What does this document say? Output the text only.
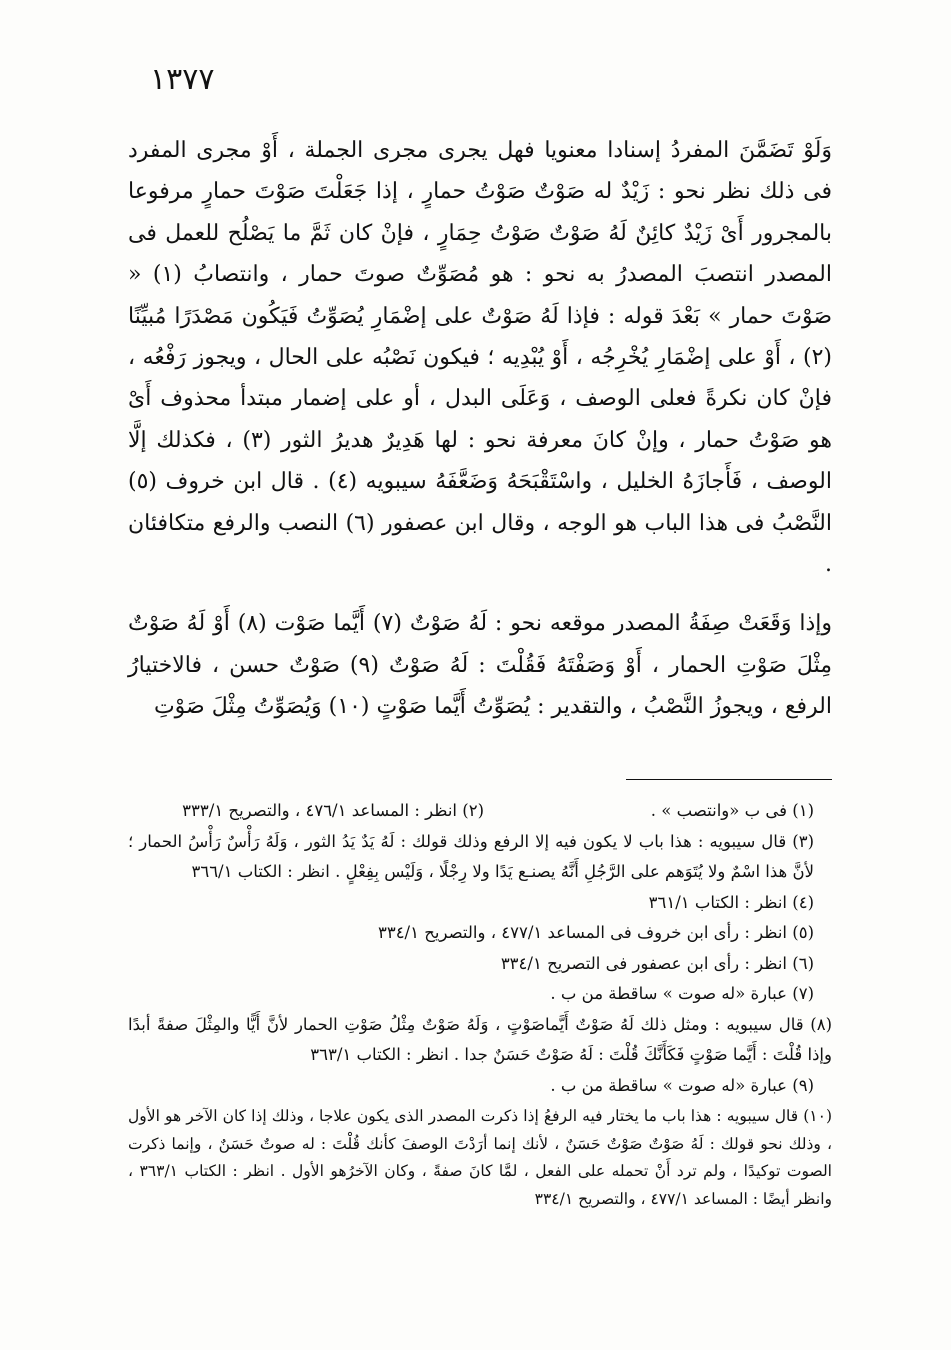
١٣٧٧

وَلَوْ تَضَمَّنَ المفردُ إسنادا معنويا فهل يجرى مجرى الجملة ، أَوْ مجرى المفرد فى ذلك نظر نحو : زَيْدٌ له صَوْتٌ صَوْتُ حمارٍ ، إذا جَعَلْتَ صَوْتَ حمارٍ مرفوعا بالمجرور أَىْ زَيْدٌ كائِنٌ لَهُ صَوْتٌ صَوْتُ حِمَارٍ ، فإنْ كان ثَمَّ ما يَصْلُح للعمل فى المصدر انتصبَ المصدرُ به نحو : هو مُصَوِّتٌ صوتَ حمار ، وانتصابُ (١) « صَوْتَ حمار » بَعْدَ قوله : فإذا لَهُ صَوْتٌ على إضْمَارِ يُصَوِّتُ فَيَكُون مَصْدَرًا مُبيِّنًا (٢) ، أَوْ على إضْمَارِ يُخْرِجُه ، أَوْ يُبْدِيه ؛ فيكون نَصْبُه على الحال ، ويجوز رَفْعُه ، فإنْ كان نكرةً فعلى الوصف ، وَعَلَى البدل ، أو على إضمار مبتدأ محذوف أَىْ هو صَوْتُ حمار ، وإنْ كانَ معرفة نحو : لها هَدِيرٌ هديرُ الثور (٣) ، فكذلك إلَّا الوصف ، فَأَجازَهُ الخليل ، واسْتَقْبَحَهُ وَضَعَّفَهُ سيبويه (٤) . قال ابن خروف (٥) النَّصْبُ فى هذا الباب هو الوجه ، وقال ابن عصفور (٦) النصب والرفع متكافئان .

وإذا وَقَعَتْ صِفَةُ المصدر موقعه نحو : لَهُ صَوْتٌ (٧) أَيَّما صَوْت (٨) أَوْ لَهُ صَوْتٌ مِثْلَ صَوْتِ الحمار ، أَوْ وَصَفْتَهُ فَقُلْتَ : لَهُ صَوْتٌ (٩) صَوْتٌ حسن ، فالاختيارُ الرفع ، ويجوزُ النَّصْبُ ، والتقدير : يُصَوِّتُ أَيَّما صَوْتٍ (١٠) وَيُصَوِّتُ مِثْلَ صَوْتِ

(١) فى ب «وانتصب » .
(٢) انظر : المساعد ٤٧٦/١ ، والتصريح ٣٣٣/١

(٣) قال سيبويه : هذا باب لا يكون فيه إلا الرفع وذلك قولك : لَهُ يَدٌ يَدُ الثور ، وَلَهُ رَأْسٌ رَأْسُ الحمار ؛ لأنَّ هذا اسْمٌ ولا يُتَوَهم على الرَّجُلِ أَنَّهُ يصنـع يَدًا ولا رِجْلًا ، وَلَيْس بِفِعْلٍ . انظر : الكتاب ٣٦٦/١

(٤) انظر : الكتاب ٣٦١/١

(٥) انظر : رأى ابن خروف فى المساعد ٤٧٧/١ ، والتصريح ٣٣٤/١

(٦) انظر : رأى ابن عصفور فى التصريح ٣٣٤/١

(٧) عبارة «له صوت » ساقطة من ب .

(٨) قال سيبويه : ومثل ذلك لَهُ صَوْتٌ أَيَّماصَوْتٍ ، وَلَهُ صَوْتٌ مِثْلُ صَوْتِ الحمار لأنَّ أَيًّا والمِثْلَ صفةً أبدًا وإذا قُلْتَ : أَيَّما صَوْتٍ فَكَأَنَّكَ قُلْتَ : لَهُ صَوْتٌ حَسَنٌ جدا . انظر : الكتاب ٣٦٣/١

(٩) عبارة «له صوت » ساقطة من ب .

(١٠) قال سيبويه : هذا باب ما يختار فيه الرفعُ إذا ذكرت المصدر الذى يكون علاجا ، وذلك إذا كان الآخر هو الأول ، وذلك نحو قولك : لَهُ صَوْتٌ صَوْتٌ حَسَنٌ ، لأنك إنما أرَدْتَ الوصفَ كأنك قُلْتَ : له صوتٌ حَسَنٌ ، وإنما ذكرت الصوت توكيدًا ، ولم ترد أَنْ تحمله على الفعل ، لمَّا كانَ صفةً ، وكان الآخرُهو الأول . انظر : الكتاب ٣٦٣/١ ، وانظر أيضًا : المساعد ٤٧٧/١ ، والتصريح ٣٣٤/١
